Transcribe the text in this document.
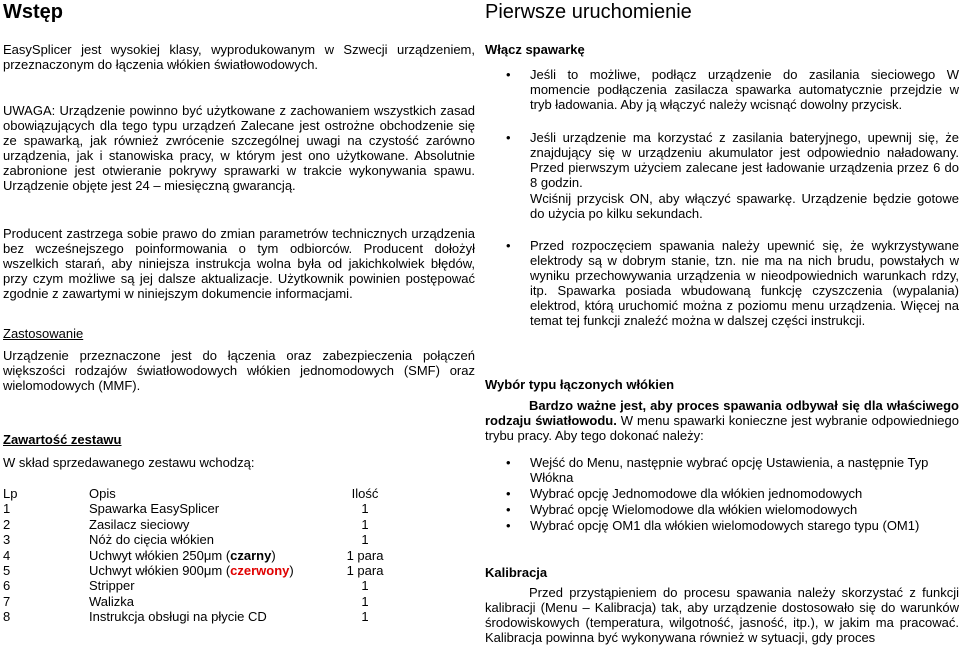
Wstęp

EasySplicer jest wysokiej klasy, wyprodukowanym w Szwecji urządzeniem, przeznaczonym do łączenia włókien światłowodowych.

UWAGA: Urządzenie powinno być użytkowane z zachowaniem wszystkich zasad obowiązujących dla tego typu urządzeń Zalecane jest ostrożne obchodzenie się ze spawarką, jak również zwrócenie szczególnej uwagi na czystość zarówno urządzenia, jak i stanowiska pracy, w którym jest ono użytkowane. Absolutnie zabronione jest otwieranie pokrywy sprawarki w trakcie wykonywania spawu. Urządzenie objęte jest 24 – miesięczną gwarancją.

Producent zastrzega sobie prawo do zmian parametrów technicznych urządzenia bez wcześnejszego poinformowania o tym odbiorców. Producent dołożył wszelkich starań, aby niniejsza instrukcja wolna była od jakichkolwiek błędów, przy czym możliwe są jej dalsze aktualizacje. Użytkownik powinien postępować zgodnie z zawartymi w niniejszym dokumencie informacjami.

Zastosowanie

Urządzenie przeznaczone jest do łączenia oraz zabezpieczenia połączeń większości rodzajów światłowodowych włókien jednomodowych (SMF) oraz wielomodowych (MMF).

Zawartość zestawu

W skład sprzedawanego zestawu wchodzą:

Lp	Opis	Ilość
1	Spawarka EasySplicer	1
2	Zasilacz sieciowy	1
3	Nóż do cięcia włókien	1
4	Uchwyt włókien 250μm (czarny)	1 para
5	Uchwyt włókien 900μm (czerwony)	1 para
6	Stripper	1
7	Walizka	1
8	Instrukcja obsługi na płycie CD	1
Pierwsze uruchomienie

Włącz spawarkę

• Jeśli to możliwe, podłącz urządzenie do zasilania sieciowego W momencie podłączenia zasilacza spawarka automatycznie przejdzie w tryb ładowania. Aby ją włączyć należy wcisnąć dowolny przycisk.

• Jeśli urządzenie ma korzystać z zasilania bateryjnego, upewnij się, że znajdujący się w urządzeniu akumulator jest odpowiednio naładowany. Przed pierwszym użyciem zalecane jest ładowanie urządzenia przez 6 do 8 godzin.

Wciśnij przycisk ON, aby włączyć spawarkę. Urządzenie będzie gotowe do użycia po kilku sekundach.

• Przed rozpoczęciem spawania należy upewnić się, że wykrzystywane elektrody są w dobrym stanie, tzn. nie ma na nich brudu, powstałych w wyniku przechowywania urządzenia w nieodpowiednich warunkach rdzy, itp. Spawarka posiada wbudowaną funkcję czyszczenia (wypalania) elektrod, którą uruchomić można z poziomu menu urządzenia. Więcej na temat tej funkcji znaleźć można w dalszej części instrukcji.

Wybór typu łączonych włókien

Bardzo ważne jest, aby proces spawania odbywał się dla właściwego rodzaju światłowodu. W menu spawarki konieczne jest wybranie odpowiedniego trybu pracy. Aby tego dokonać należy:

• Wejść do Menu, następnie wybrać opcję Ustawienia, a następnie Typ Włókna

• Wybrać opcję Jednomodowe dla włókien jednomodowych

• Wybrać opcję Wielomodowe dla włókien wielomodowych

• Wybrać opcję OM1 dla włókien wielomodowych starego typu (OM1)

Kalibracja

Przed przystąpieniem do procesu spawania należy skorzystać z funkcji kalibracji (Menu – Kalibracja) tak, aby urządzenie dostosowało się do warunków środowiskowych (temperatura, wilgotność, jasność, itp.), w jakim ma pracować. Kalibracja powinna być wykonywana również w sytuacji, gdy proces
